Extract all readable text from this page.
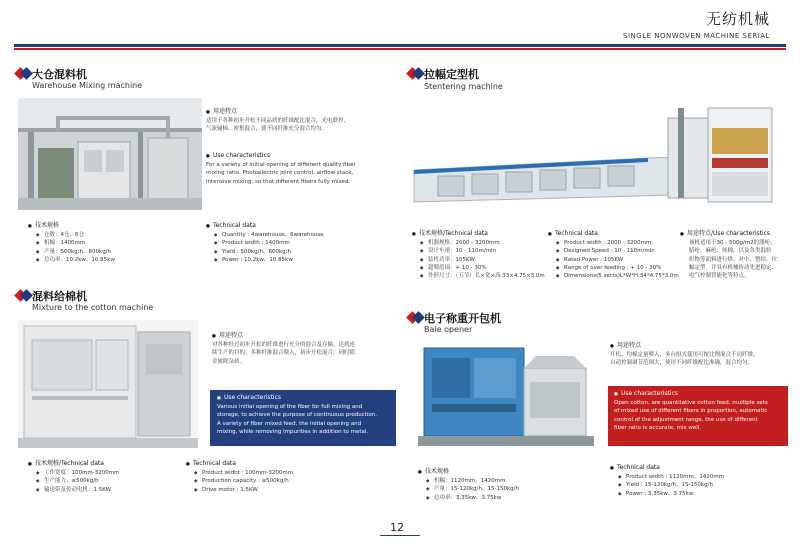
无纺机械
SINGLE NONWOVEN MACHINE SERIAL
大仓混料机
Warehouse Mixing machine
● 用途特点
适用于各种初步开松不同品质的纤维配比混合，光电联控、
气流输棉、密集混合，使不同纤维充分混合均匀。
● Use characteristics
For a variety of initial opening of different quality fiber
mixing ratio. Photoelectric joint control, airflow stack,
intensive mixing, so that different fibers fully mixed.
● 技术规格
◆ 仓数：4仓、6仓
◆ 机幅：1400mm
◆ 产量：500kg/h、600kg/h
◆ 总功率：10.2kw、10.85kw
● Technical data
◆ Quantity : 4warehouse、6warehouse
◆ Product width : 1400mm
◆ Yield : 500kg/h、600kg/h
◆ Power : 10.2kw、10.85kw
混料给棉机
Mixture to the cotton machine
● 用途特点
对各种经过初步开松的纤维进行充分的混合及存储，达到连
续生产的目的。多种纤维混合喂入，初步开松混合，同时除
金属除杂质。
● Use characteristics
Various initial opening of the fiber for full mixing and
storage, to achieve the purpose of continuous production.
A variety of fiber mixed feed, the initial opening and
mixing, while removing impurities in addition to metal.
● 技术规格/Technical data
◆ 工作宽度：100mm-3200mm
◆ 生产能力：≤500kg/h
◆ 输送带及传动电机：1.5KW
● Technical data
◆ Product widht : 100mm-3200mm
◆ Production capacity : ≤500kg/h
◆ Drive motor : 1.5KW
拉幅定型机
Stentering machine
● 技术规格/Technical data
◆ 机器规格：2000 - 3200mm
◆ 设计车速：10 - 110m/min
◆ 装机功率：105KW
◆ 超喂范围：+ 10 - 30%
◆ 外形尺寸：（五节）长×宽×高 33×4.75×3.0m
● Technical data
◆ Product width : 2000 - 3200mm
◆ Designed Speed : 10 - 110m/min
◆ Rated Power : 105KW
◆ Range of over feeding : + 10 - 30%
◆ Dimensions(5 sects)L*W*H 34*4.75*3.0m
● 用途特点/Use characteristics
该机适用于30 - 500g/m2的涤纶、
腈纶、麻纶、纯棉、以及各类混纺
织物等面料进行烘、对中、整纬、拉
幅定型。并具有机械传动先进稳定、
电气控制智能化等特点。
电子称重开包机
Bale opener
● 用途特点
开松、均棉定量喂入，多台组式使用可按比例混合不同纤维，
自动控制调节范围大，使用不同纤维配比准确，混合均匀。
● Use characteristics
Open cotton, are quantitative cotton feed, multiple sets
of mixed use of different fibers in proportion, automatic
control of the adjustment range, the use of different
fiber ratio is accurate, mix well.
● 技术规格
◆ 机幅：1120mm、1420mm
◆ 产量：15-120kg/h、15-150kg/h
◆ 总功率：3.35kw、3.75kw
● Technical data
◆ Product width : 1120mm、1420mm
◆ Yield : 15-120kg/h、15-150kg/h
◆ Power : 3.35kw、3.75kw
12
